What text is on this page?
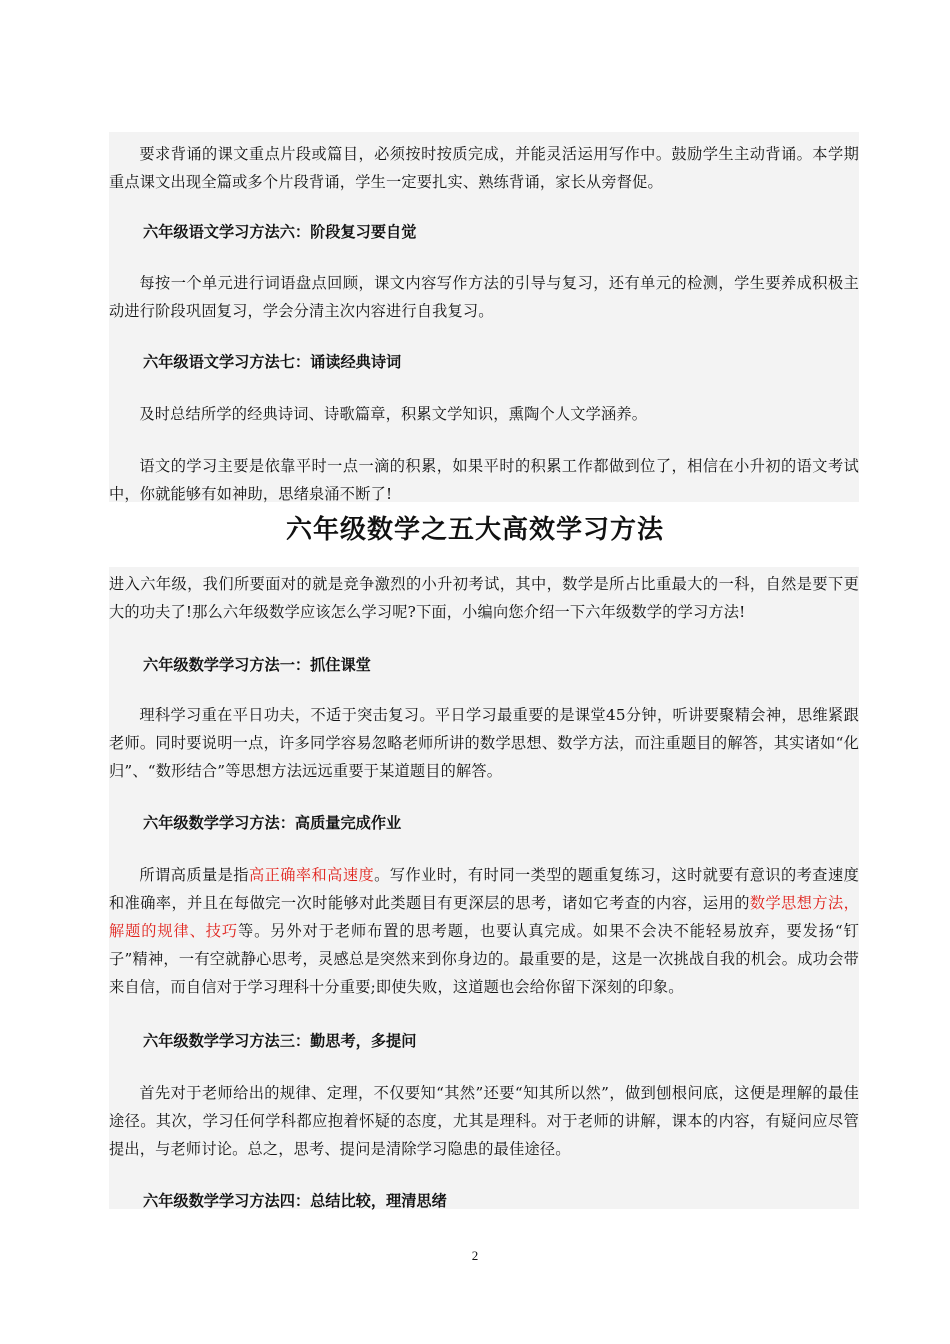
要求背诵的课文重点片段或篇目，必须按时按质完成，并能灵活运用写作中。鼓励学生主动背诵。本学期重点课文出现全篇或多个片段背诵，学生一定要扎实、熟练背诵，家长从旁督促。

六年级语文学习方法六：阶段复习要自觉

每按一个单元进行词语盘点回顾，课文内容写作方法的引导与复习，还有单元的检测，学生要养成积极主动进行阶段巩固复习，学会分清主次内容进行自我复习。

六年级语文学习方法七：诵读经典诗词

及时总结所学的经典诗词、诗歌篇章，积累文学知识，熏陶个人文学涵养。

语文的学习主要是依靠平时一点一滴的积累，如果平时的积累工作都做到位了，相信在小升初的语文考试中，你就能够有如神助，思绪泉涌不断了!

六年级数学之五大高效学习方法

进入六年级，我们所要面对的就是竞争激烈的小升初考试，其中，数学是所占比重最大的一科，自然是要下更大的功夫了!那么六年级数学应该怎么学习呢?下面，小编向您介绍一下六年级数学的学习方法!

六年级数学学习方法一：抓住课堂

理科学习重在平日功夫，不适于突击复习。平日学习最重要的是课堂45分钟，听讲要聚精会神，思维紧跟老师。同时要说明一点，许多同学容易忽略老师所讲的数学思想、数学方法，而注重题目的解答，其实诸如“化归”、“数形结合”等思想方法远远重要于某道题目的解答。

六年级数学学习方法：高质量完成作业

所谓高质量是指高正确率和高速度。写作业时，有时同一类型的题重复练习，这时就要有意识的考查速度和准确率，并且在每做完一次时能够对此类题目有更深层的思考，诸如它考查的内容，运用的数学思想方法，解题的规律、技巧等。另外对于老师布置的思考题，也要认真完成。如果不会决不能轻易放弃，要发扬“钉子”精神，一有空就静心思考，灵感总是突然来到你身边的。最重要的是，这是一次挑战自我的机会。成功会带来自信，而自信对于学习理科十分重要;即使失败，这道题也会给你留下深刻的印象。

六年级数学学习方法三：勤思考，多提问

首先对于老师给出的规律、定理，不仅要知“其然”还要“知其所以然”，做到刨根问底，这便是理解的最佳途径。其次，学习任何学科都应抱着怀疑的态度，尤其是理科。对于老师的讲解，课本的内容，有疑问应尽管提出，与老师讨论。总之，思考、提问是清除学习隐患的最佳途径。

六年级数学学习方法四：总结比较，理清思绪

2
